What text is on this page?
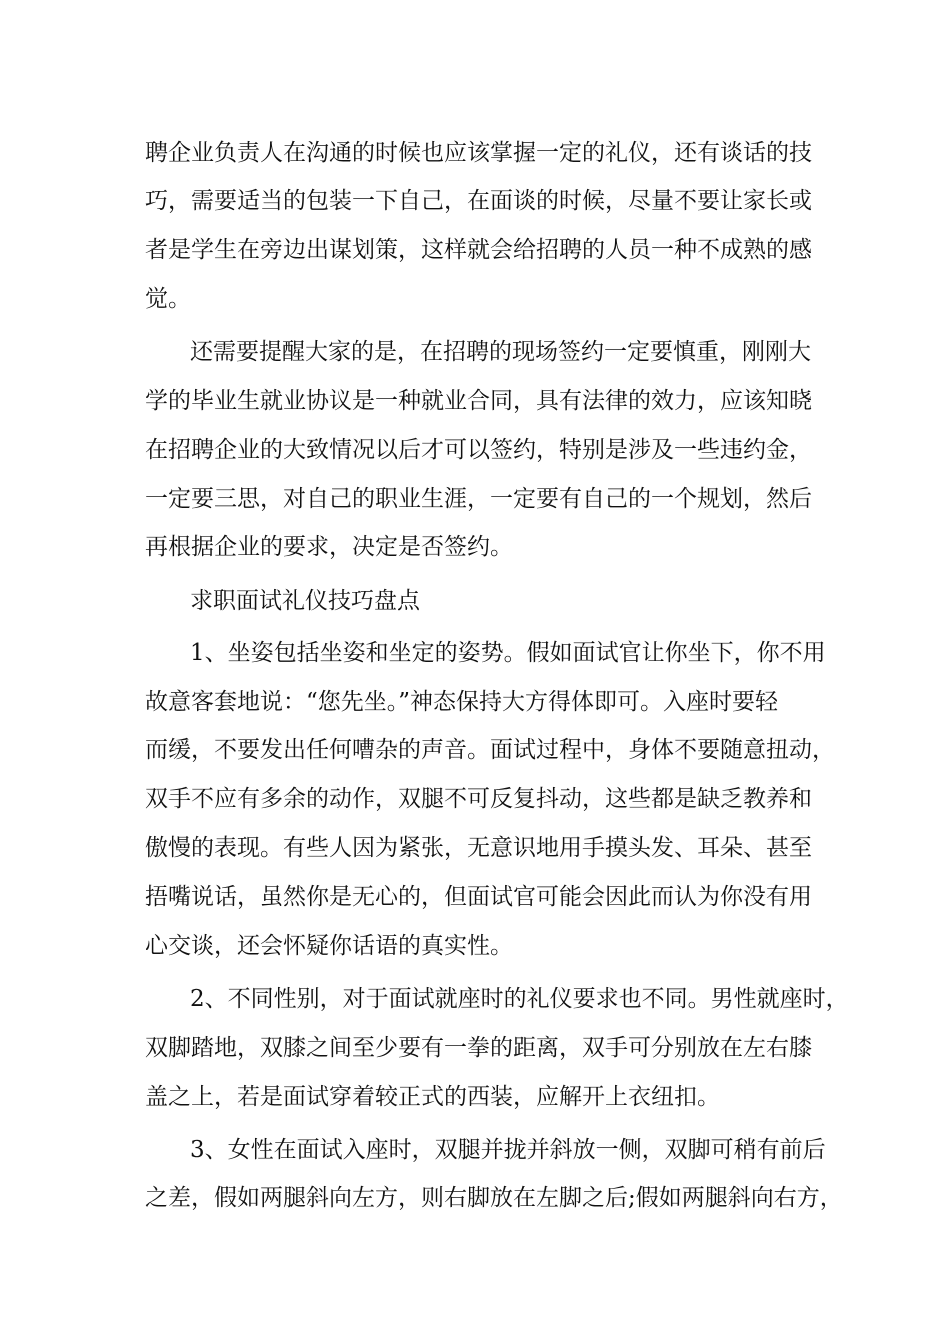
聘企业负责人在沟通的时候也应该掌握一定的礼仪，还有谈话的技
巧，需要适当的包装一下自己，在面谈的时候，尽量不要让家长或
者是学生在旁边出谋划策，这样就会给招聘的人员一种不成熟的感
觉。
还需要提醒大家的是，在招聘的现场签约一定要慎重，刚刚大
学的毕业生就业协议是一种就业合同，具有法律的效力，应该知晓
在招聘企业的大致情况以后才可以签约，特别是涉及一些违约金，
一定要三思，对自己的职业生涯，一定要有自己的一个规划，然后
再根据企业的要求，决定是否签约。
求职面试礼仪技巧盘点
1、坐姿包括坐姿和坐定的姿势。假如面试官让你坐下，你不用
故意客套地说：“您先坐。”神态保持大方得体即可。入座时要轻
而缓，不要发出任何嘈杂的声音。面试过程中，身体不要随意扭动，
双手不应有多余的动作，双腿不可反复抖动，这些都是缺乏教养和
傲慢的表现。有些人因为紧张，无意识地用手摸头发、耳朵、甚至
捂嘴说话，虽然你是无心的，但面试官可能会因此而认为你没有用
心交谈，还会怀疑你话语的真实性。
2、不同性别，对于面试就座时的礼仪要求也不同。男性就座时，
双脚踏地，双膝之间至少要有一拳的距离，双手可分别放在左右膝
盖之上，若是面试穿着较正式的西装，应解开上衣纽扣。
3、女性在面试入座时，双腿并拢并斜放一侧，双脚可稍有前后
之差，假如两腿斜向左方，则右脚放在左脚之后;假如两腿斜向右方，
